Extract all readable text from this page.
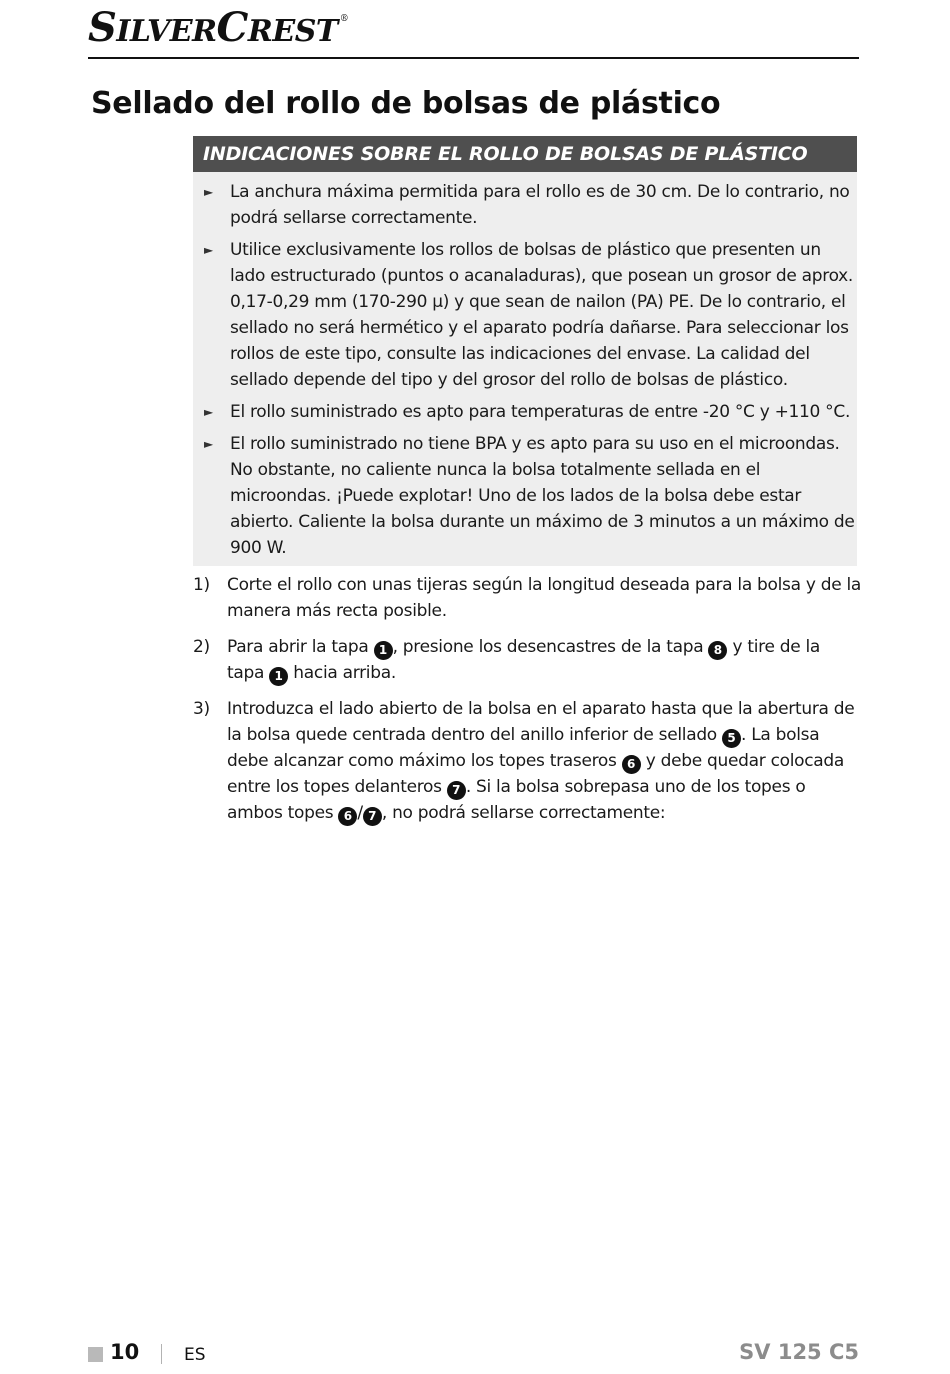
SILVERCREST ®
Sellado del rollo de bolsas de plástico
INDICACIONES SOBRE EL ROLLO DE BOLSAS DE PLÁSTICO
► La anchura máxima permitida para el rollo es de 30 cm. De lo contrario, no podrá sellarse correctamente.
► Utilice exclusivamente los rollos de bolsas de plástico que presenten un lado estructurado (puntos o acanaladuras), que posean un grosor de aprox. 0,17-0,29 mm (170-290 μ) y que sean de nailon (PA) PE. De lo contrario, el sellado no será hermético y el aparato podría dañarse. Para seleccionar los rollos de este tipo, consulte las indicaciones del envase. La calidad del sellado depende del tipo y del grosor del rollo de bolsas de plástico.
► El rollo suministrado es apto para temperaturas de entre -20 °C y +110 °C.
► El rollo suministrado no tiene BPA y es apto para su uso en el microondas. No obstante, no caliente nunca la bolsa totalmente sellada en el microondas. ¡Puede explotar! Uno de los lados de la bolsa debe estar abierto. Caliente la bolsa durante un máximo de 3 minutos a un máximo de 900 W.
1) Corte el rollo con unas tijeras según la longitud deseada para la bolsa y de la manera más recta posible.
2) Para abrir la tapa 1 , presione los desencastres de la tapa 8 y tire de la tapa 1 hacia arriba.
3) Introduzca el lado abierto de la bolsa en el aparato hasta que la abertura de la bolsa quede centrada dentro del anillo inferior de sellado 5 . La bolsa debe alcanzar como máximo los topes traseros 6 y debe quedar colocada entre los topes delanteros 7 . Si la bolsa sobrepasa uno de los topes o ambos topes 6 / 7 , no podrá sellarse correctamente:
10	ES	SV 125 C5
